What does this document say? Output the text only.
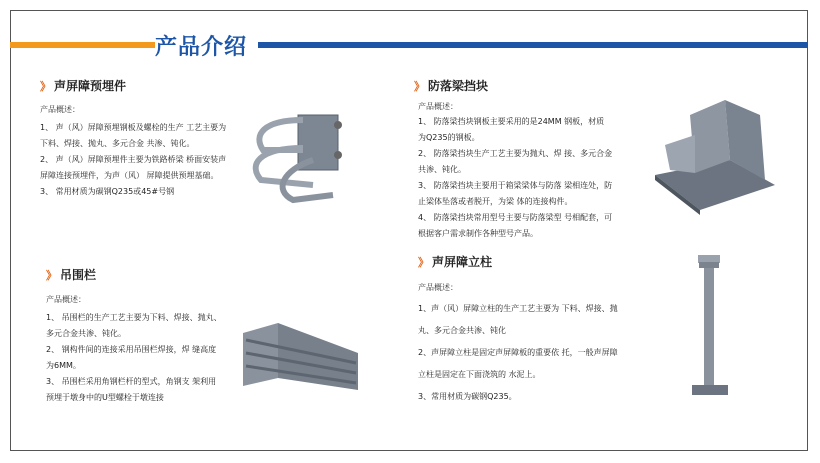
产品介绍
》 声屏障预埋件
产品概述：

1、 声（风）屏障预埋钢板及螺栓的生产 工艺主要为

下料、焊接、抛丸、多元合金 共渗、钝化。

2、 声（风）屏障预埋件主要为铁路桥梁 桥面安装声

屏障连接预埋件，为声（风） 屏障提供预埋基础。

3、 常用材质为碳钢Q235或45#号钢

》 防落梁挡块
产品概述：

1、 防落梁挡块钢板主要采用的是24MM 钢板，材质

为Q235的钢板。

2、 防落梁挡块生产工艺主要为抛丸、焊 接、多元合金

共渗、钝化。

3、 防落梁挡块主要用于箱梁梁体与防落 梁相连处，防

止梁体坠落或者脱开，为梁 体的连接构件。

4、 防落梁挡块常用型号主要与防落梁型 号相配套，可

根据客户需求制作各种型号产品。

》 吊围栏
产品概述：

1、 吊围栏的生产工艺主要为下料、焊接、抛丸、

多元合金共渗、钝化。

2、 钢构件间的连接采用吊围栏焊接，焊 缝高度

为6MM。

3、 吊围栏采用角钢栏杆的型式，角钢支 架利用

预埋于墩身中的U型螺栓于墩连接

》 声屏障立柱
产品概述：

1、声（风）屏障立柱的生产工艺主要为 下料、焊接、抛

丸、多元合金共渗、钝化

2、声屏障立柱是固定声屏障板的重要依 托，一般声屏障

立柱是固定在下面浇筑的 水泥上。

3、常用材质为碳钢Q235。
